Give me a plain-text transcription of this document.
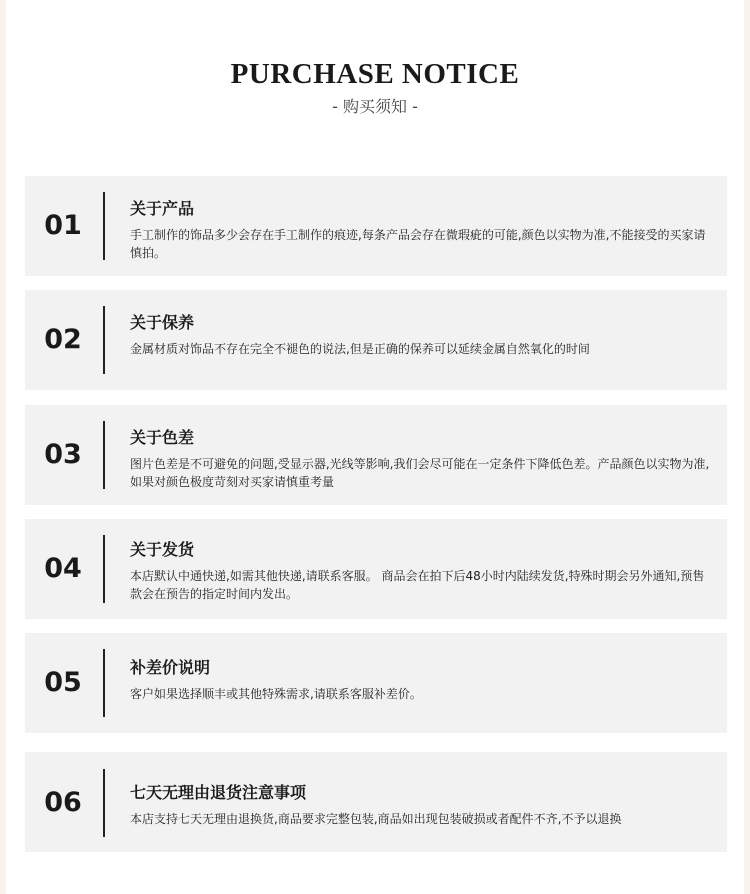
PURCHASE NOTICE
- 购买须知 -
01
关于产品
手工制作的饰品多少会存在手工制作的痕迹,每条产品会存在微瑕疵的可能,颜色以实物为准,不能接受的买家请慎拍。
02
关于保养
金属材质对饰品不存在完全不褪色的说法,但是正确的保养可以延续金属自然氧化的时间
03
关于色差
图片色差是不可避免的问题,受显示器,光线等影响,我们会尽可能在一定条件下降低色差。产品颜色以实物为准,如果对颜色极度苛刻对买家请慎重考量
04
关于发货
本店默认中通快递,如需其他快递,请联系客服。 商品会在拍下后48小时内陆续发货,特殊时期会另外通知,预售款会在预告的指定时间内发出。
05	补差价说明
客户如果选择顺丰或其他特殊需求,请联系客服补差价。
06	七天无理由退货注意事项
本店支持七天无理由退换货,商品要求完整包装,商品如出现包装破损或者配件不齐,不予以退换
